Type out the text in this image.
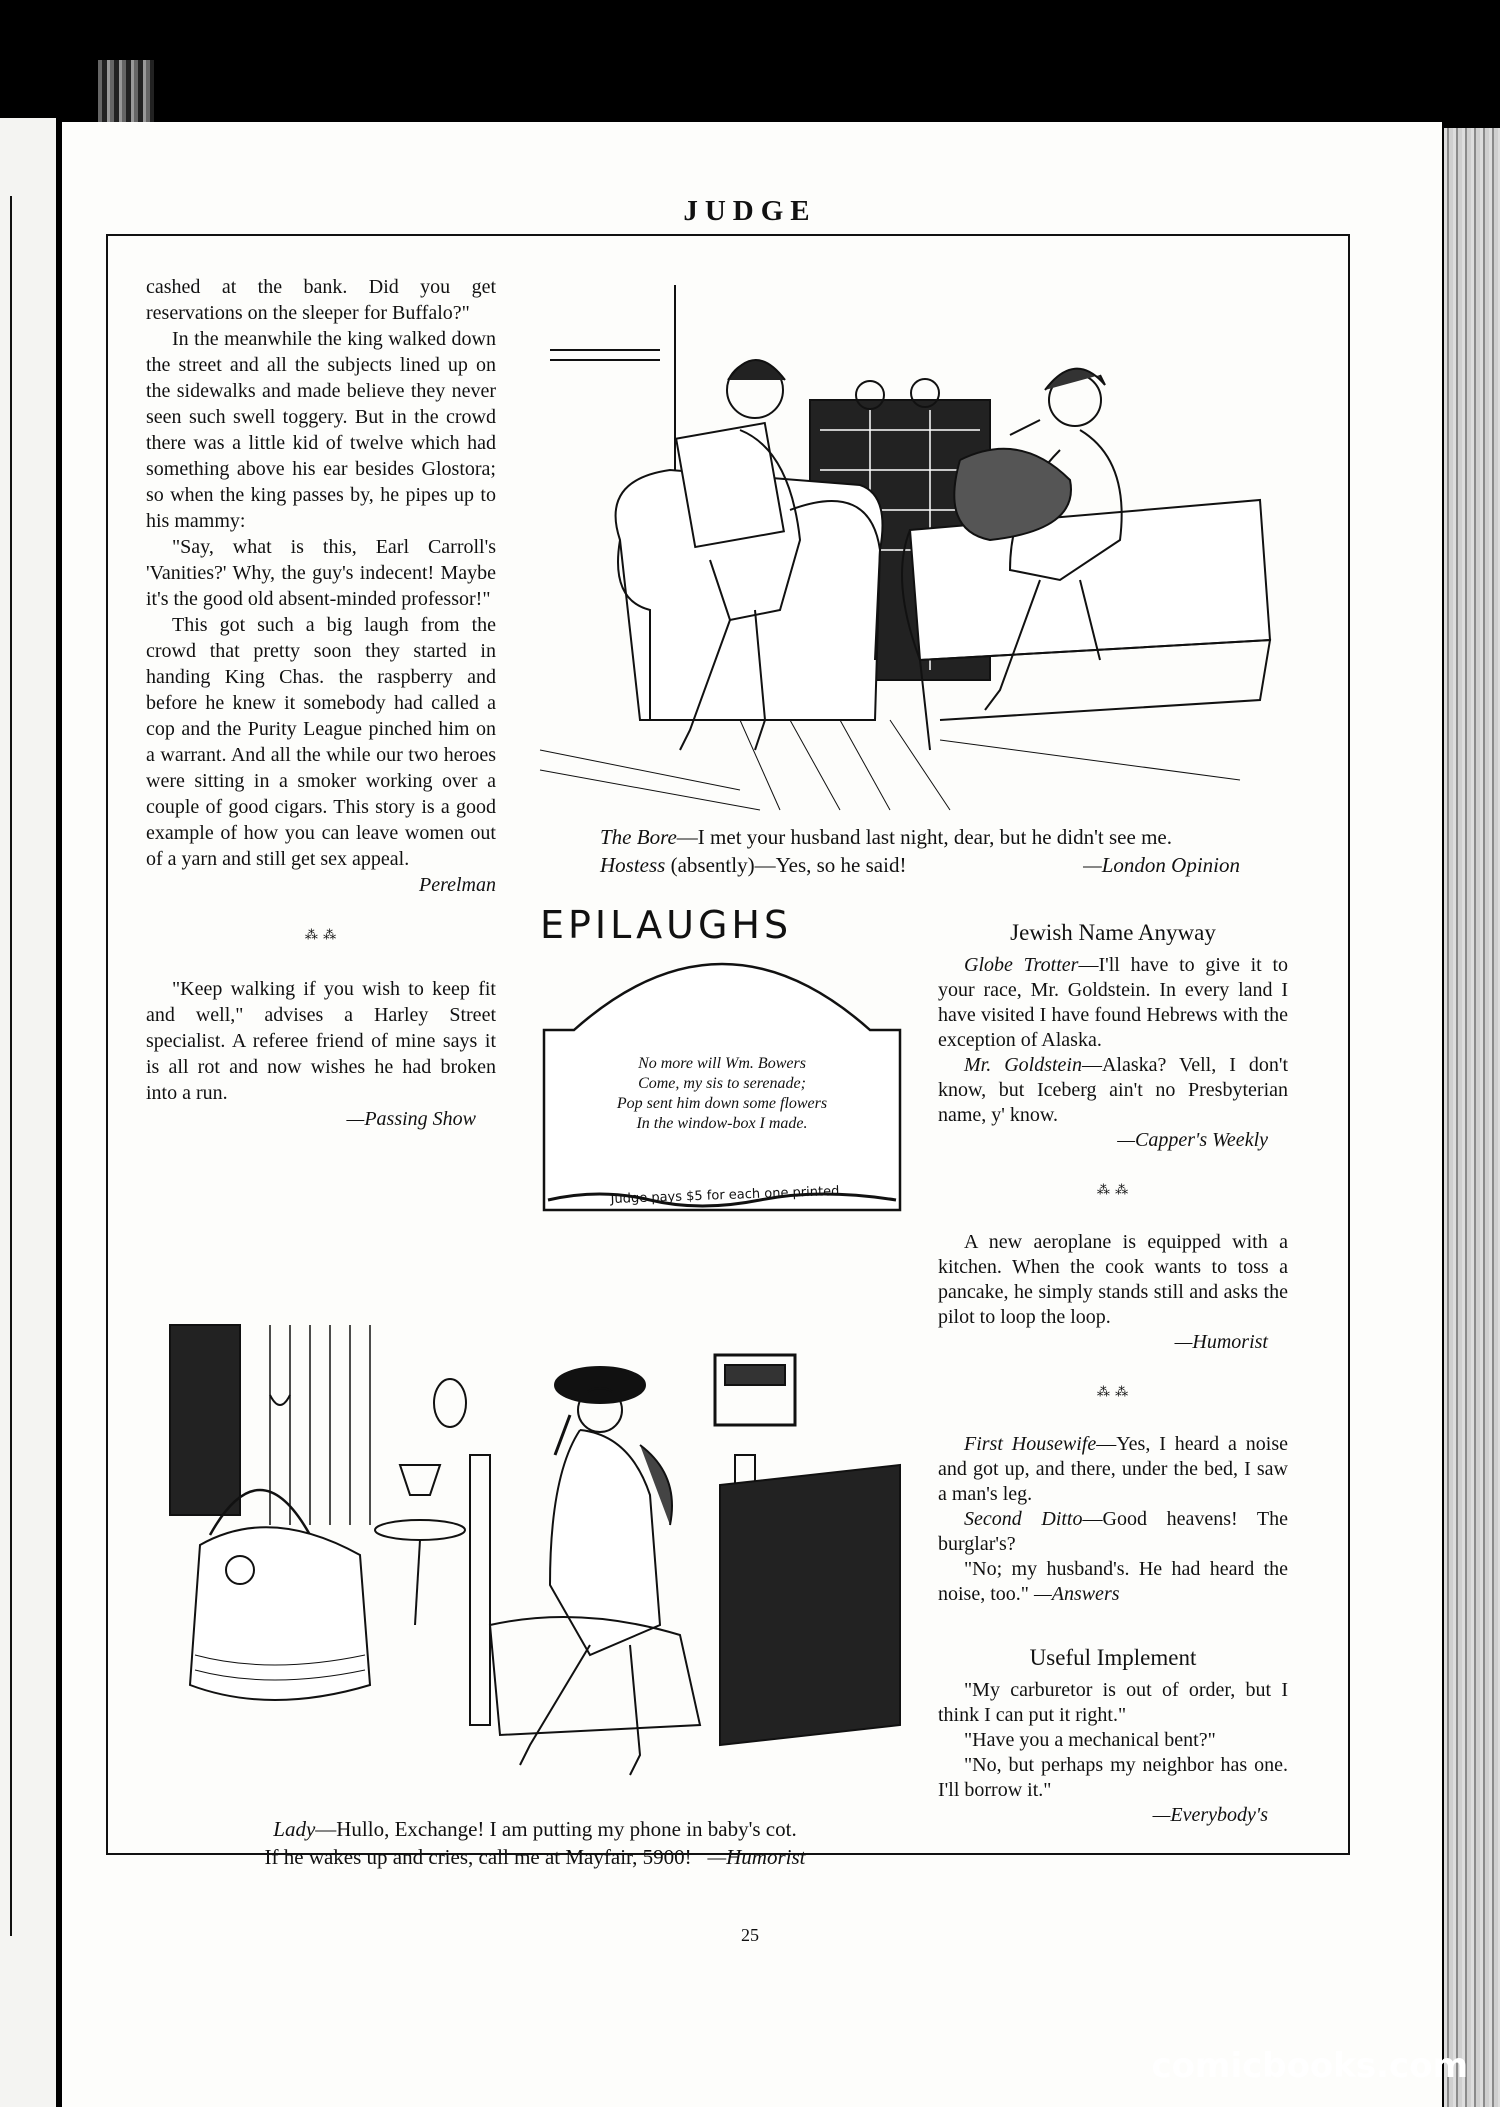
JUDGE

cashed at the bank. Did you get reservations on the sleeper for Buffalo?"

In the meanwhile the king walked down the street and all the subjects lined up on the sidewalks and made believe they never seen such swell toggery. But in the crowd there was a little kid of twelve which had something above his ear besides Glostora; so when the king passes by, he pipes up to his mammy:

"Say, what is this, Earl Carroll's 'Vanities?' Why, the guy's indecent! Maybe it's the good old absent-minded professor!"

This got such a big laugh from the crowd that pretty soon they started in handing King Chas. the raspberry and before he knew it somebody had called a cop and the Purity League pinched him on a warrant. And all the while our two heroes were sitting in a smoker working over a couple of good cigars. This story is a good example of how you can leave women out of a yarn and still get sex appeal.

Perelman
⁂ ⁂

"Keep walking if you wish to keep fit and well," advises a Harley Street specialist. A referee friend of mine says it is all rot and now wishes he had broken into a run.

—Passing Show
The Bore—I met your husband last night, dear, but he didn't see me.
Hostess (absently)—Yes, so he said!	—London Opinion
EPILAUGHS
No more will Wm. Bowers
Come, my sis to serenade;
Pop sent him down some flowers
In the window-box I made.
Judge pays $5 for each one printed
Jewish Name Anyway

Globe Trotter—I'll have to give it to your race, Mr. Goldstein. In every land I have visited I have found Hebrews with the exception of Alaska.

Mr. Goldstein—Alaska? Vell, I don't know, but Iceberg ain't no Presbyterian name, y' know.

—Capper's Weekly
⁂ ⁂

A new aeroplane is equipped with a kitchen. When the cook wants to toss a pancake, he simply stands still and asks the pilot to loop the loop.

—Humorist
⁂ ⁂

First Housewife—Yes, I heard a noise and got up, and there, under the bed, I saw a man's leg.

Second Ditto—Good heavens! The burglar's?

"No; my husband's. He had heard the noise, too." —Answers

Useful Implement

"My carburetor is out of order, but I think I can put it right."

"Have you a mechanical bent?"

"No, but perhaps my neighbor has one. I'll borrow it."

—Everybody's
Lady—Hullo, Exchange! I am putting my phone in baby's cot.
If he wakes up and cries, call me at Mayfair, 5900! —Humorist
25
comicbooks.com
